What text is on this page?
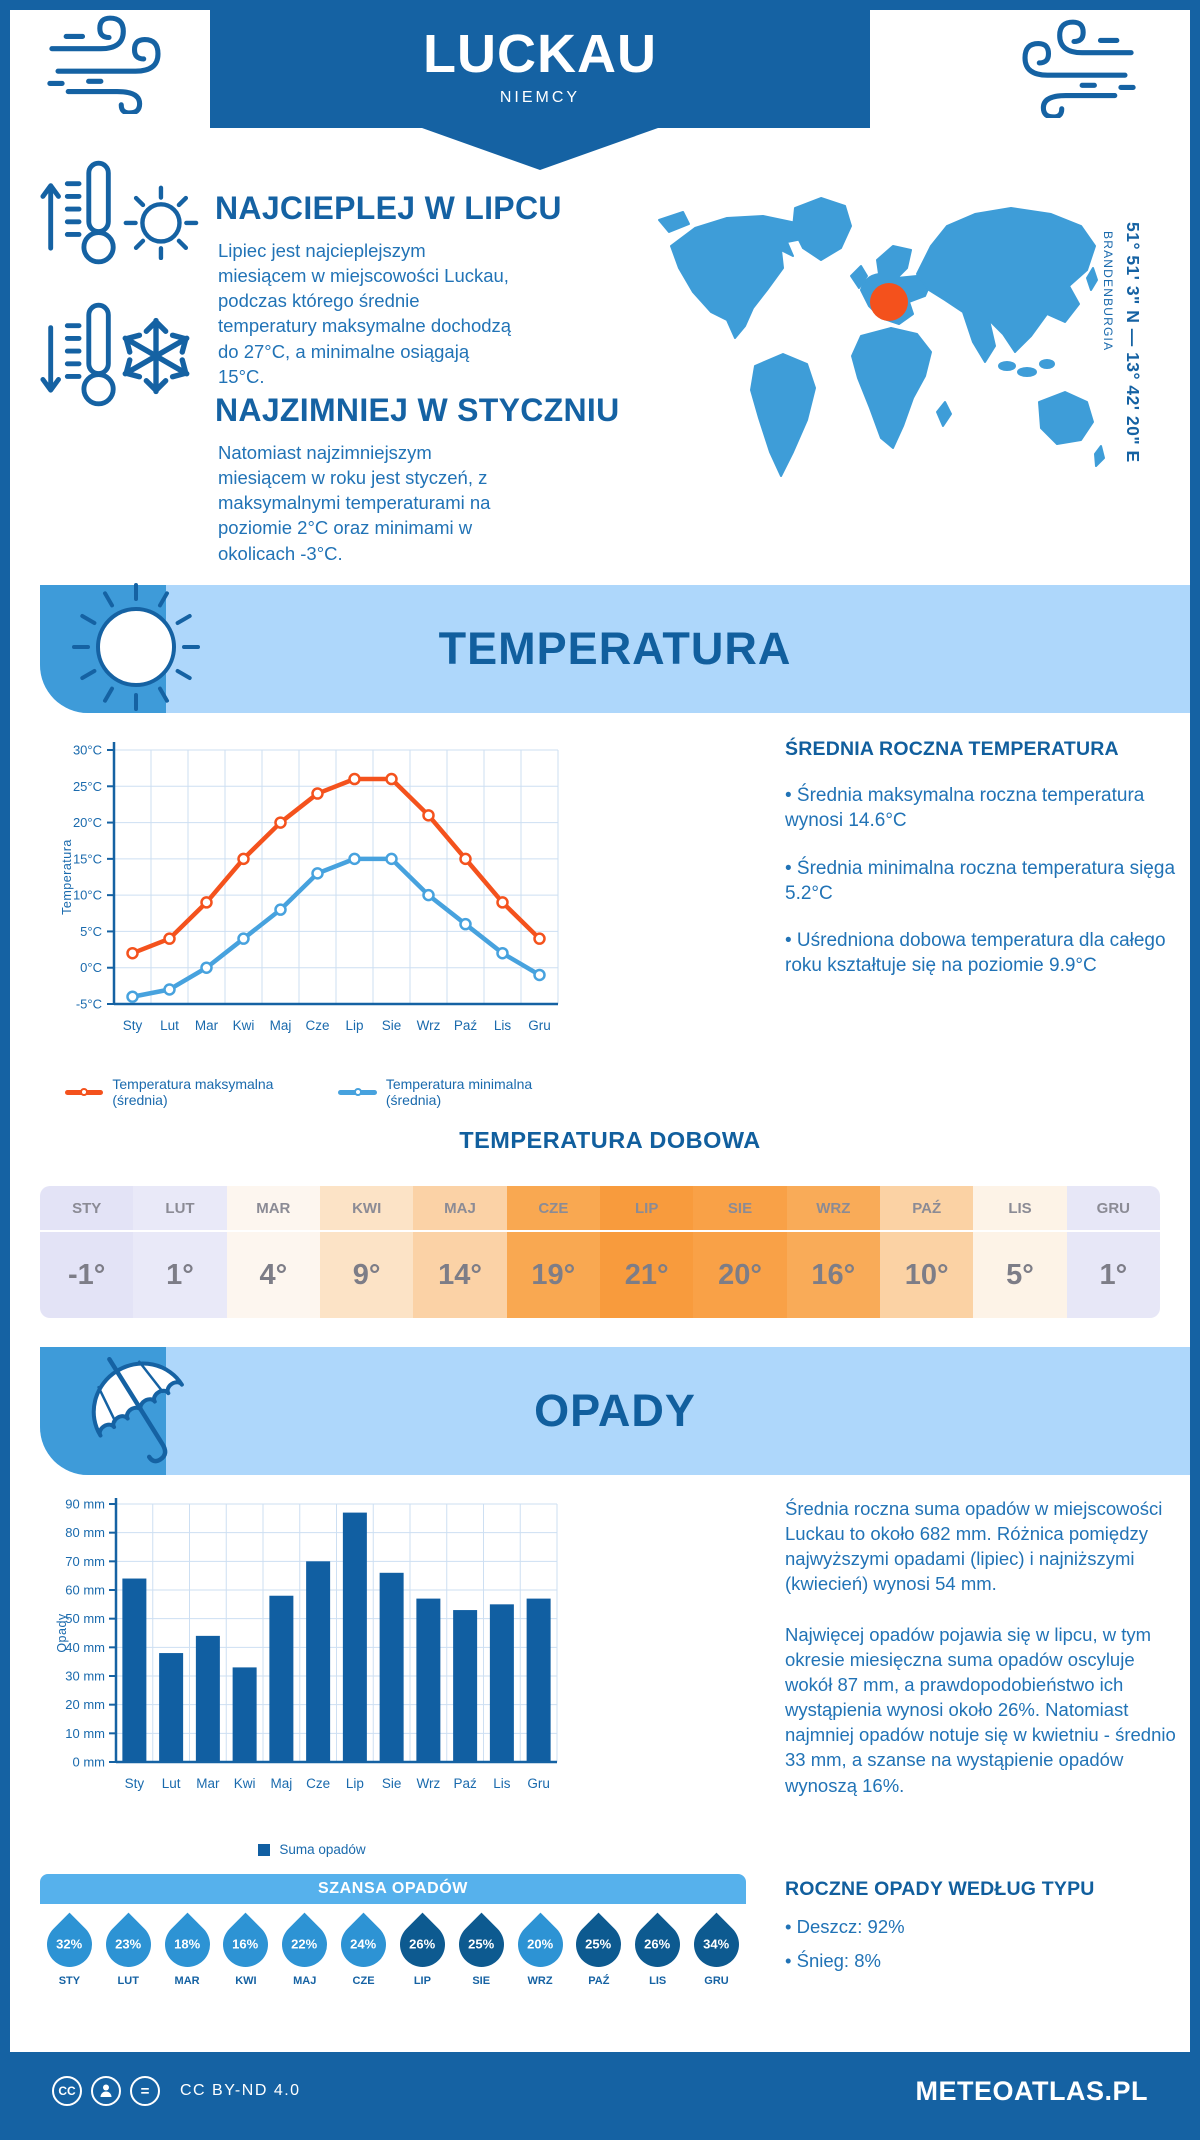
LUCKAU
NIEMCY
51° 51' 3" N — 13° 42' 20" E
BRANDENBURGIA
NAJCIEPLEJ W LIPCU
Lipiec jest najcieplejszym miesiącem w miejscowości Luckau, podczas którego średnie temperatury maksymalne dochodzą do 27°C, a minimalne osiągają 15°C.
NAJZIMNIEJ W STYCZNIU
Natomiast najzimniejszym miesiącem w roku jest styczeń, z maksymalnymi temperaturami na poziomie 2°C oraz minimami w okolicach -3°C.
TEMPERATURA
-5°C
0°C
5°C
10°C
15°C
20°C
25°C
30°C
Sty Lut Mar Kwi Maj Cze Lip Sie Wrz Paź Lis Gru
Temperatura
Temperatura maksymalna (średnia)
Temperatura minimalna (średnia)
ŚREDNIA ROCZNA TEMPERATURA
• Średnia maksymalna roczna temperatura wynosi 14.6°C
• Średnia minimalna roczna temperatura sięga 5.2°C
• Uśredniona dobowa temperatura dla całego roku kształtuje się na poziomie 9.9°C
TEMPERATURA DOBOWA
STY	LUT	MAR	KWI	MAJ	CZE	LIP	SIE	WRZ	PAŹ	LIS	GRU
-1°	1°	4°	9°	14°	19°	21°	20°	16°	10°	5°	1°
OPADY
0 mm
10 mm
20 mm
30 mm
40 mm
50 mm
60 mm
70 mm
80 mm
90 mm
Sty Lut Mar Kwi Maj Cze Lip Sie Wrz Paź Lis Gru
Opady
Suma opadów

Średnia roczna suma opadów w miejscowości Luckau to około 682 mm. Różnica pomiędzy najwyższymi opadami (lipiec) i najniższymi (kwiecień) wynosi 54 mm.

Najwięcej opadów pojawia się w lipcu, w tym okresie miesięczna suma opadów oscyluje wokół 87 mm, a prawdopodobieństwo ich wystąpienia wynosi około 26%. Natomiast najmniej opadów notuje się w kwietniu - średnio 33 mm, a szanse na wystąpienie opadów wynoszą 16%.

SZANSA OPADÓW
32%
STY
23%
LUT
18%
MAR
16%
KWI
22%
MAJ
24%
CZE
26%
LIP
25%
SIE
20%
WRZ
25%
PAŹ
26%
LIS
34%
GRU
ROCZNE OPADY WEDŁUG TYPU
• Deszcz: 92%
• Śnieg: 8%
CC	=	CC BY-ND 4.0	METEOATLAS.PL
